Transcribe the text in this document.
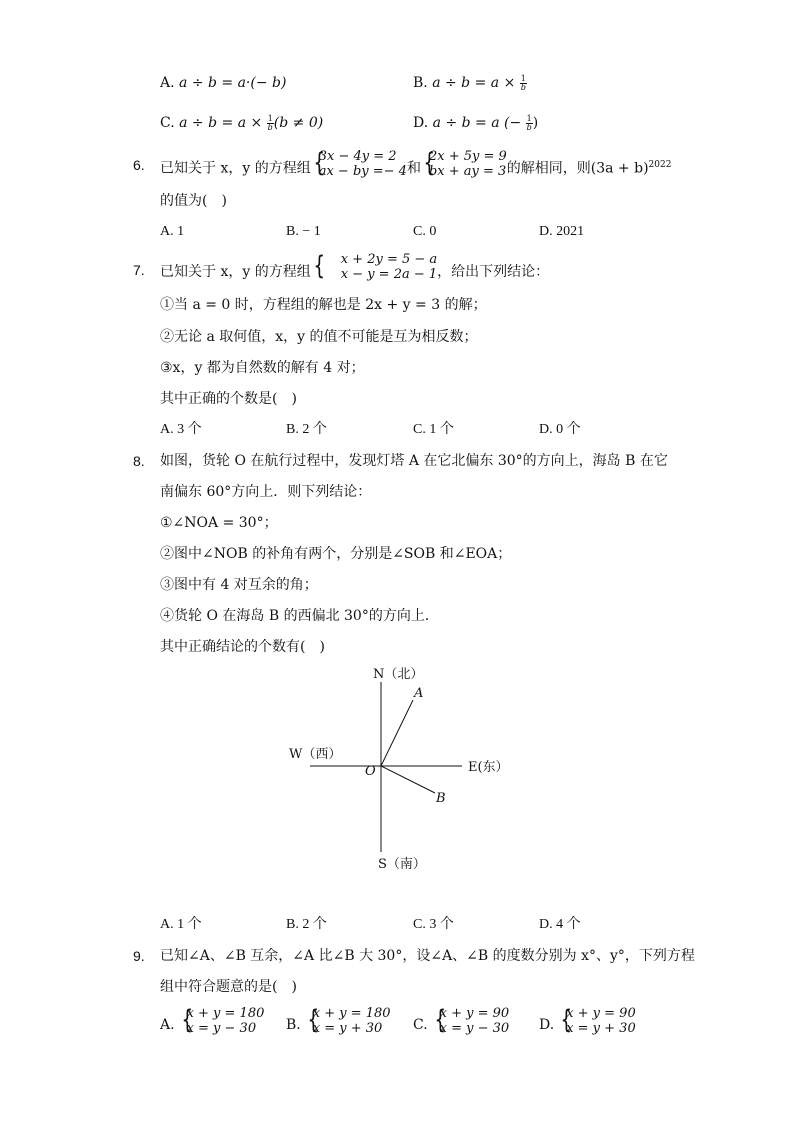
A. a ÷ b = a·(− b)	B. $a \div b = a \times \frac{1}{b}$
C. $a \div b = a \times \frac{1}{b} (b \ne 0)$	D. a ÷ b = a (− $\frac{1}{b}$ )
6. 已知关于 x，y 的方程组 {
3x − 4y = 2
ax − by =− 4 和 {
2x + 5y = 9
bx + ay = 3 的解相同，则$(3a + b)^{2022}$
的值为(　)
A. 1	B. − 1	C. 0	D. 2021
7. 已知关于 x，y 的方程组 { x + 2y = 5 − a
x − y = 2a − 1 ，给出下列结论：
①当 a = 0 时，方程组的解也是 2x + y = 3 的解；
②无论 a 取何值，x，y 的值不可能是互为相反数；
③x，y 都为自然数的解有 4 对；
其中正确的个数是(　)
A. 3 个	B. 2 个	C. 1 个	D. 0 个
8. 如图，货轮 O 在航行过程中，发现灯塔 A 在它北偏东 30°的方向上，海岛 B 在它
南偏东 60°方向上．则下列结论：
①∠NOA = 30°；
②图中∠NOB 的补角有两个，分别是∠SOB 和∠EOA；
③图中有 4 对互余的角；
④货轮 O 在海岛 B 的西偏北 30°的方向上．
其中正确结论的个数有(　)
N（北）
A
W（西）
O	E(东）
B
S（南）
A. 1 个	B. 2 个	C. 3 个	D. 4 个
9. 已知∠A、∠B 互余，∠A 比∠B 大 30°，设∠A、∠B 的度数分别为 x°、y°，下列方程
组中符合题意的是(　)
A. {
x + y = 180
x = y − 30	B. {
x + y = 180
x = y + 30	C. {
x + y = 90
x = y − 30 D. {
x + y = 90
x = y + 30
